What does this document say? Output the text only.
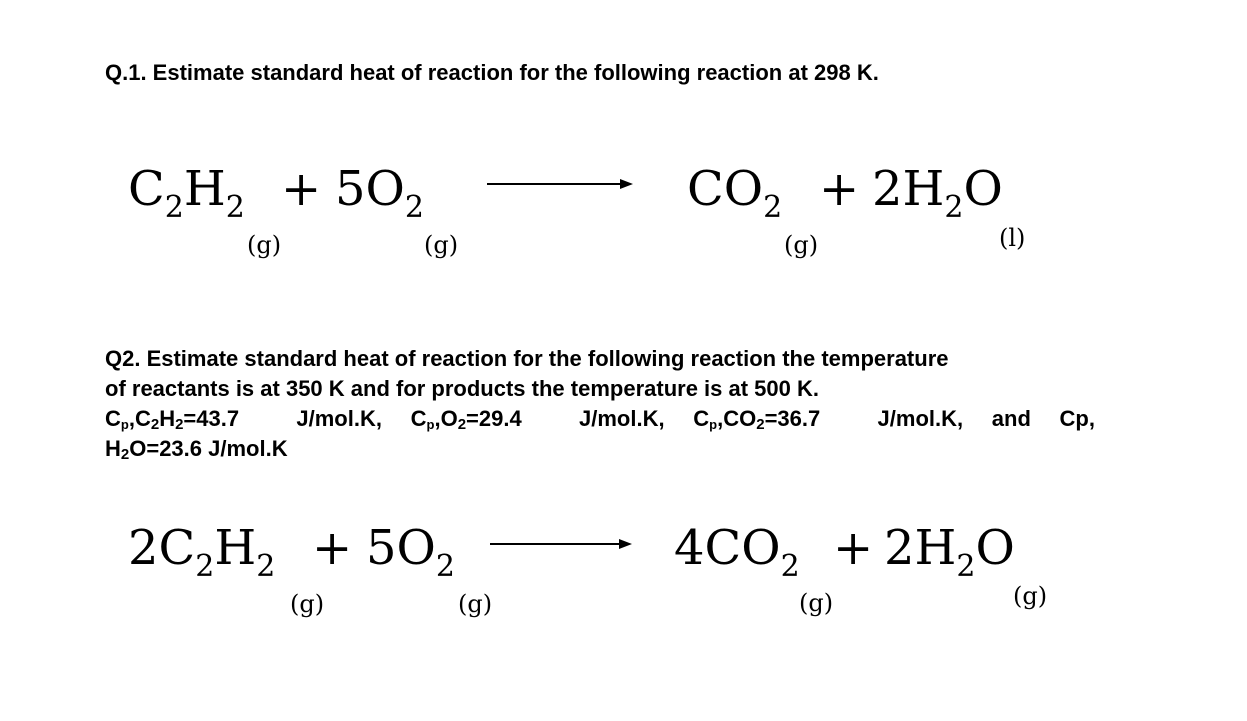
Q.1. Estimate standard heat of reaction for the following reaction at 298 K.
$C_2H_2 + 5O_2$
(g)	(g)
$CO_2 + 2H_2O$
(g)	(l)
$2C_2H_2 + 5O_2$
(g)	(g)
$4CO_2 + 2H_2O$
(g)	(g)
Q2. Estimate standard heat of reaction for the following reaction the temperature
of reactants is at 350 K and for products the temperature is at 500 K.
$C_p,C_2H_2=43.7$  J/mol.K, $C_p,O_2=29.4$  J/mol.K, $C_p,CO_2=36.7$  J/mol.K, and Cp,
$H_2O=23.6$ J/mol.K
